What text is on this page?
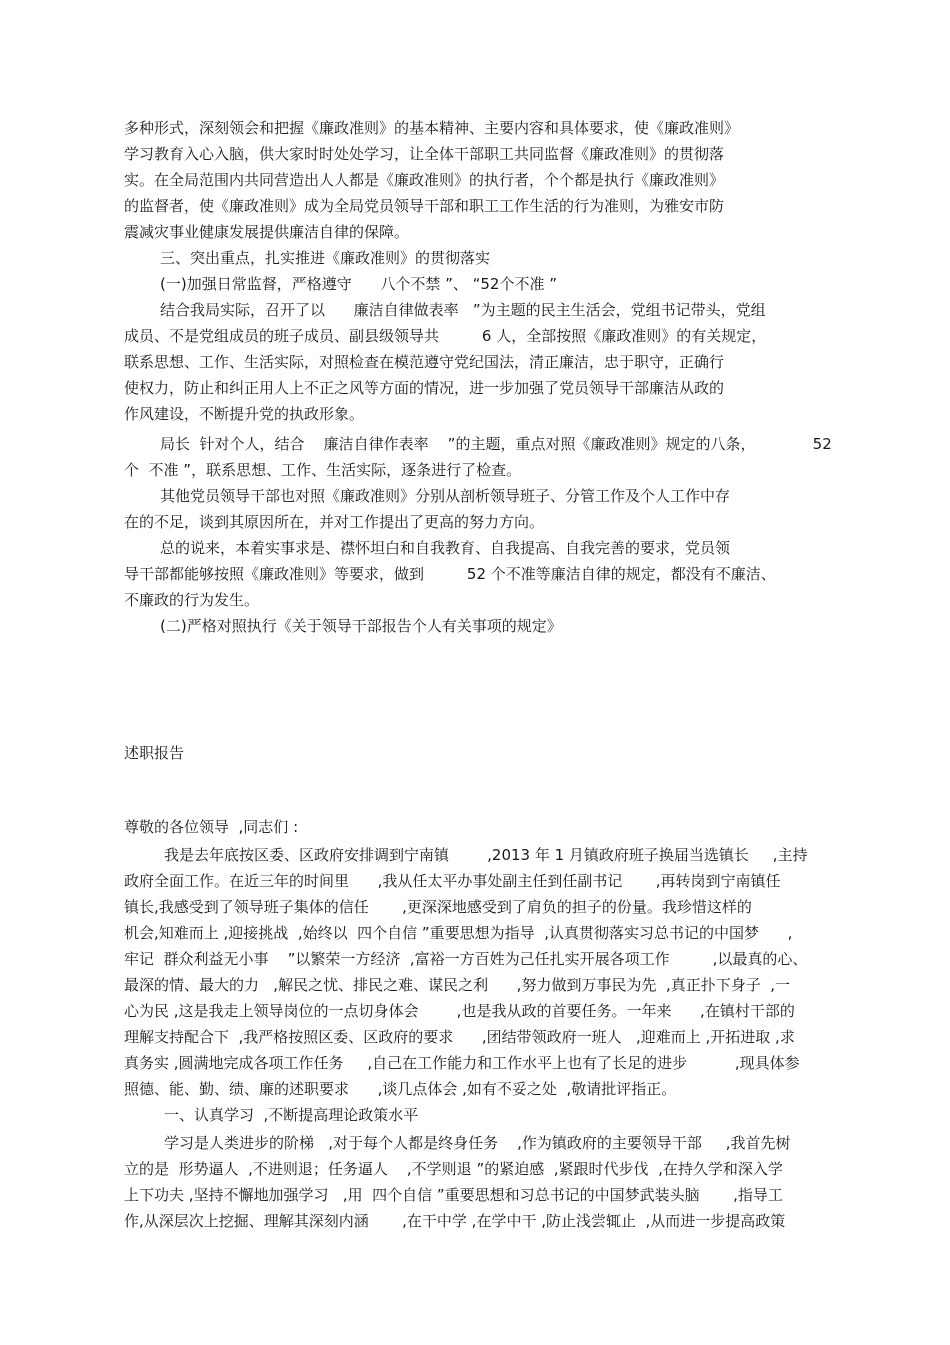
多种形式，深刻领会和把握《廉政准则》的基本精神、主要内容和具体要求，使《廉政准则》
学习教育入心入脑，供大家时时处处学习，让全体干部职工共同监督《廉政准则》的贯彻落
实。在全局范围内共同营造出人人都是《廉政准则》的执行者，个个都是执行《廉政准则》
的监督者，使《廉政准则》成为全局党员领导干部和职工工作生活的行为准则，为雅安市防
震减灾事业健康发展提供廉洁自律的保障。
三、突出重点，扎实推进《廉政准则》的贯彻落实
(一)加强日常监督，严格遵守      八个不禁 ”、 “52个不准 ”
结合我局实际，召开了以      廉洁自律做表率   ”为主题的民主生活会，党组书记带头，党组
成员、不是党组成员的班子成员、副县级领导共         6 人，全部按照《廉政准则》的有关规定，
联系思想、工作、生活实际，对照检查在模范遵守党纪国法，清正廉洁，忠于职守，正确行
使权力，防止和纠正用人上不正之风等方面的情况，进一步加强了党员领导干部廉洁从政的
作风建设，不断提升党的执政形象。
局长  针对个人，结合    廉洁自律作表率    ”的主题，重点对照《廉政准则》规定的八条，            52
个  不准 ”，联系思想、工作、生活实际，逐条进行了检查。
其他党员领导干部也对照《廉政准则》分别从剖析领导班子、分管工作及个人工作中存
在的不足，谈到其原因所在，并对工作提出了更高的努力方向。
总的说来，本着实事求是、襟怀坦白和自我教育、自我提高、自我完善的要求，党员领
导干部都能够按照《廉政准则》等要求，做到         52 个不准等廉洁自律的规定，都没有不廉洁、
不廉政的行为发生。
(二)严格对照执行《关于领导干部报告个人有关事项的规定》
述职报告
尊敬的各位领导  ,同志们 :
我是去年底按区委、区政府安排调到宁南镇        ,2013 年 1 月镇政府班子换届当选镇长     ,主持
政府全面工作。在近三年的时间里      ,我从任太平办事处副主任到任副书记       ,再转岗到宁南镇任
镇长,我感受到了领导班子集体的信任       ,更深深地感受到了肩负的担子的份量。我珍惜这样的
机会,知难而上 ,迎接挑战  ,始终以  四个自信 ”重要思想为指导  ,认真贯彻落实习总书记的中国梦      ,
牢记  群众利益无小事    ”以繁荣一方经济  ,富裕一方百姓为己任扎实开展各项工作         ,以最真的心、
最深的情、最大的力   ,解民之忧、排民之难、谋民之利      ,努力做到万事民为先  ,真正扑下身子  ,一
心为民 ,这是我走上领导岗位的一点切身体会        ,也是我从政的首要任务。一年来      ,在镇村干部的
理解支持配合下  ,我严格按照区委、区政府的要求      ,团结带领政府一班人   ,迎难而上 ,开拓进取 ,求
真务实 ,圆满地完成各项工作任务     ,自己在工作能力和工作水平上也有了长足的进步          ,现具体参
照德、能、勤、绩、廉的述职要求      ,谈几点体会 ,如有不妥之处  ,敬请批评指正。
一、认真学习  ,不断提高理论政策水平
学习是人类进步的阶梯   ,对于每个人都是终身任务    ,作为镇政府的主要领导干部     ,我首先树
立的是  形势逼人  ,不进则退；任务逼人    ,不学则退 ”的紧迫感  ,紧跟时代步伐  ,在持久学和深入学
上下功夫 ,坚持不懈地加强学习   ,用  四个自信 ”重要思想和习总书记的中国梦武装头脑       ,指导工
作,从深层次上挖掘、理解其深刻内涵       ,在干中学 ,在学中干 ,防止浅尝辄止  ,从而进一步提高政策
